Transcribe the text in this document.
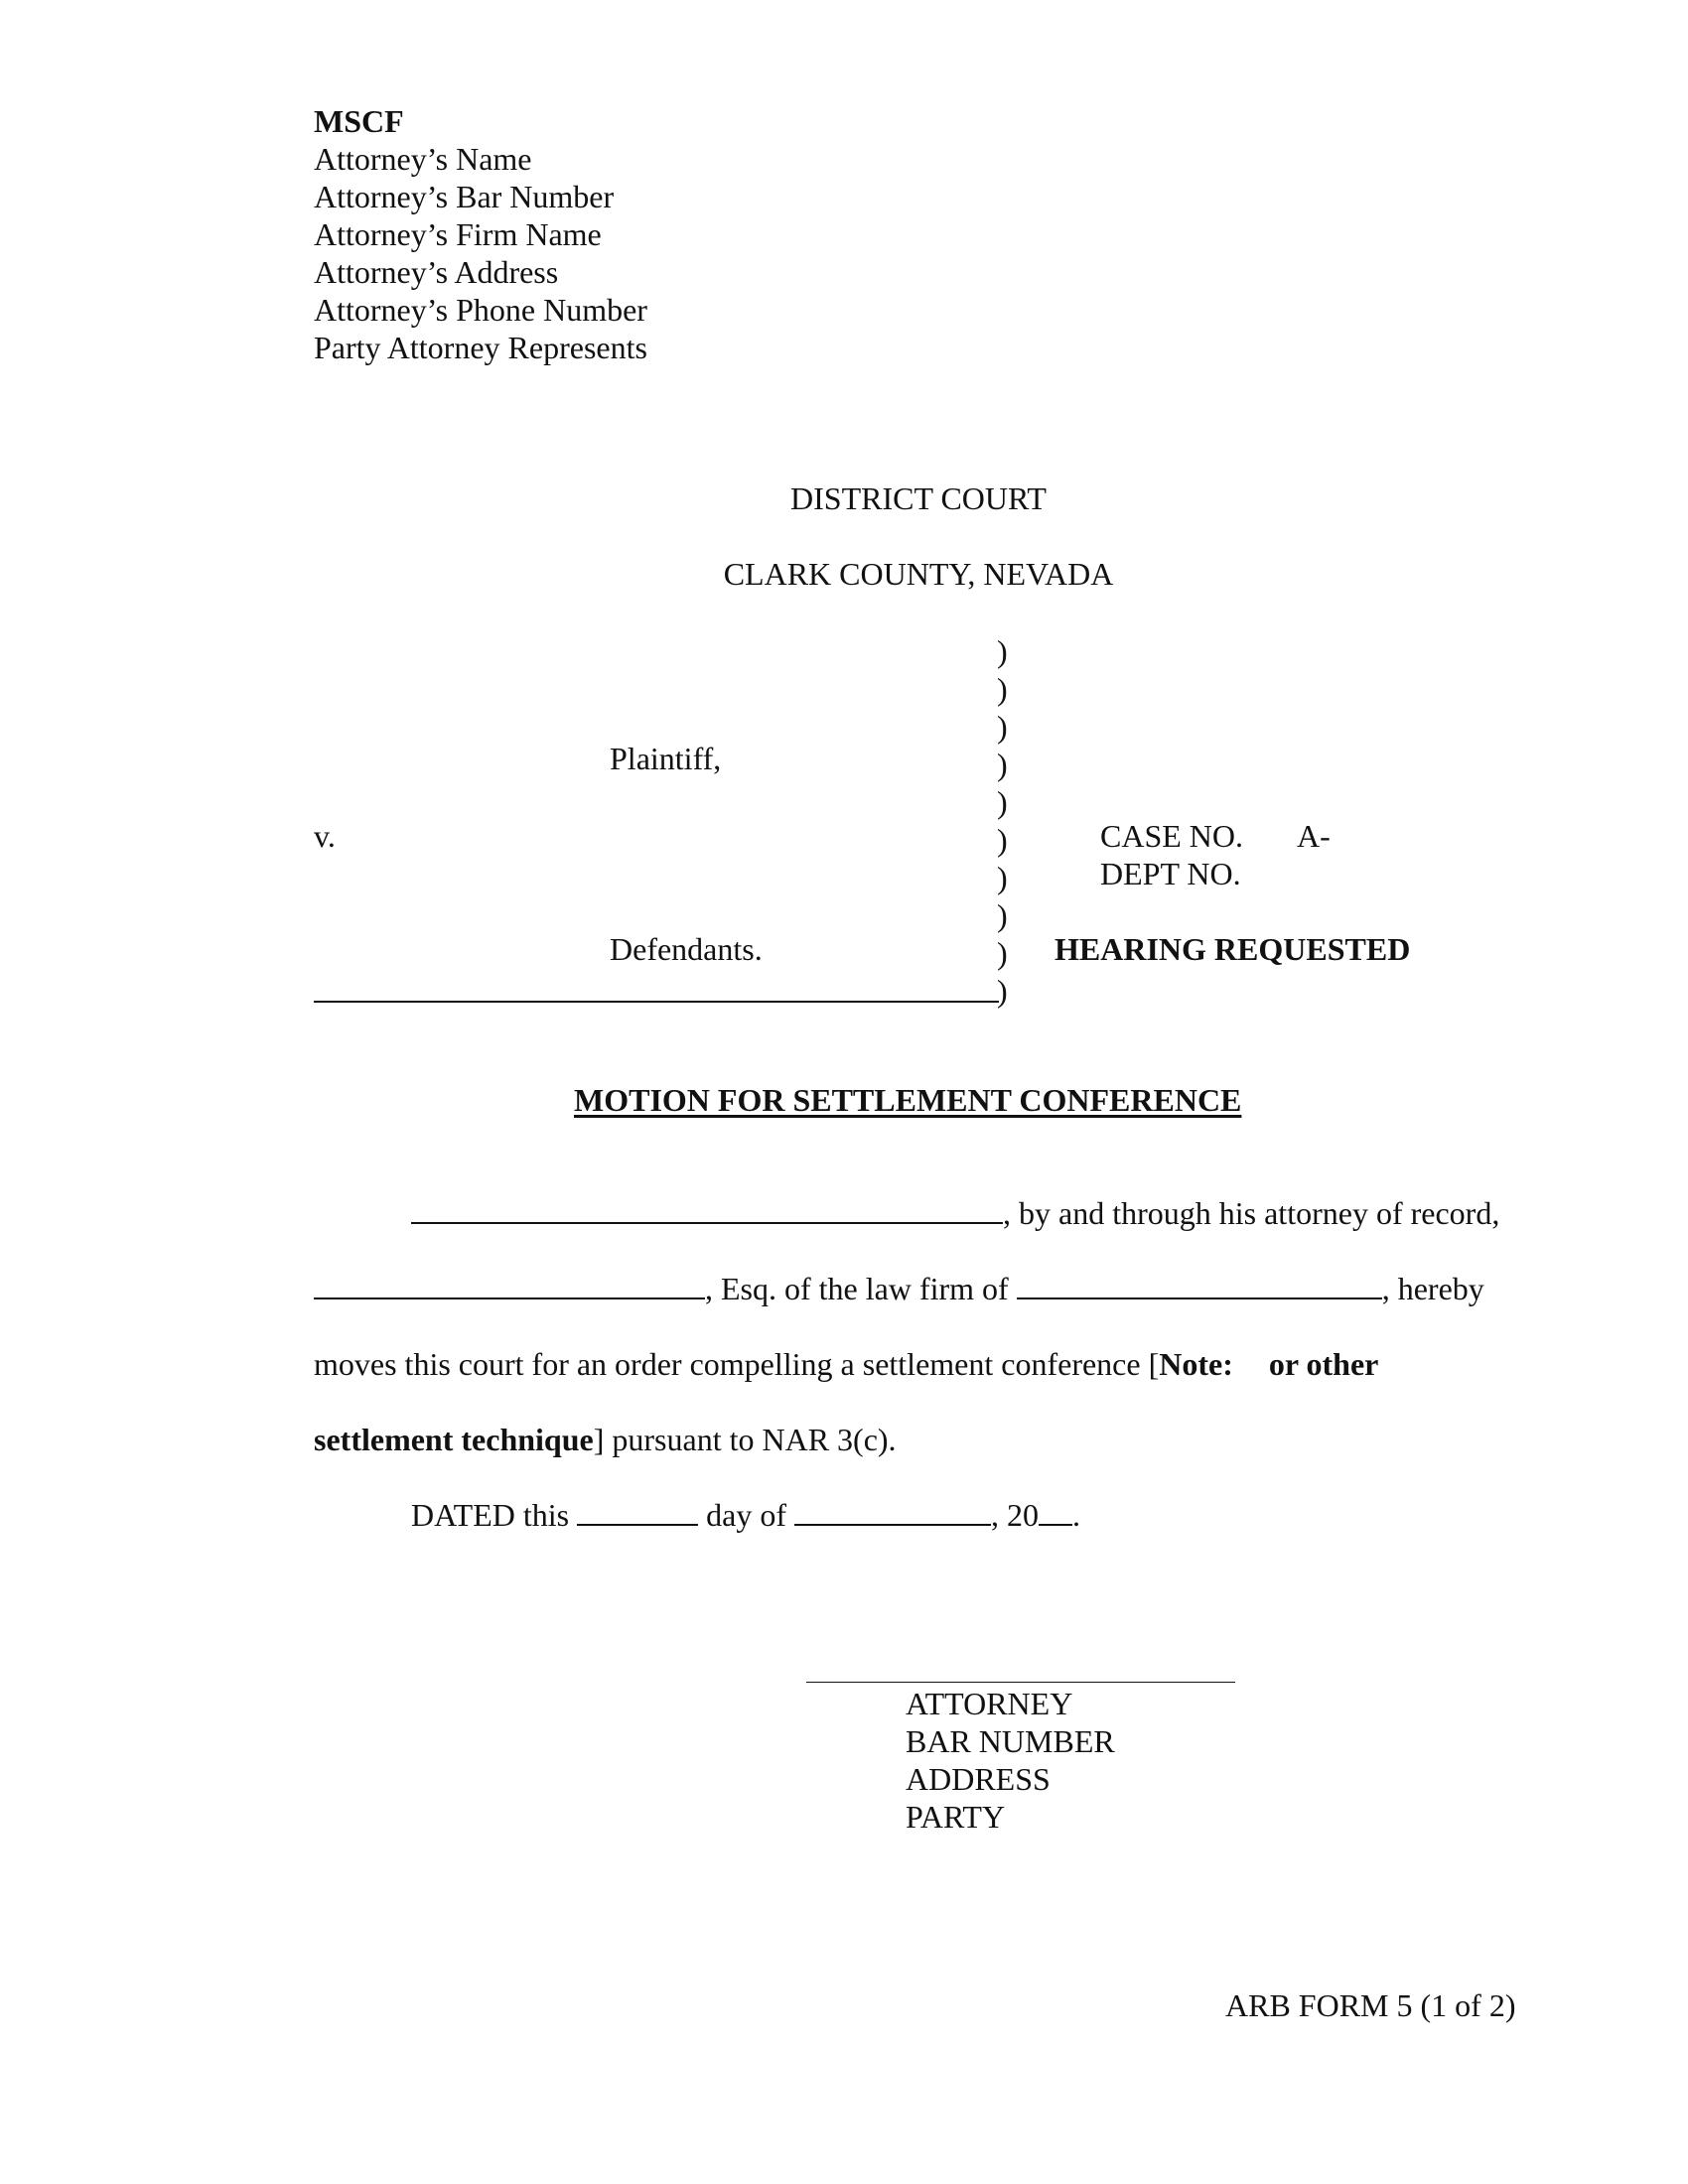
MSCF
Attorney’s Name
Attorney’s Bar Number
Attorney’s Firm Name
Attorney’s Address
Attorney’s Phone Number
Party Attorney Represents
DISTRICT COURT
CLARK COUNTY, NEVADA
)
)
)
)
)
)
)
)
)
)
Plaintiff,
v.
Defendants.
CASE NO. A-
DEPT NO.
HEARING REQUESTED
MOTION FOR SETTLEMENT CONFERENCE
, by and through his attorney of record,
, Esq. of the law firm of	, hereby
moves this court for an order compelling a settlement conference [Note: or other
settlement technique] pursuant to NAR 3(c).
DATED this	day of	, 20 .
ATTORNEY
BAR NUMBER
ADDRESS
PARTY
ARB FORM 5 (1 of 2)
